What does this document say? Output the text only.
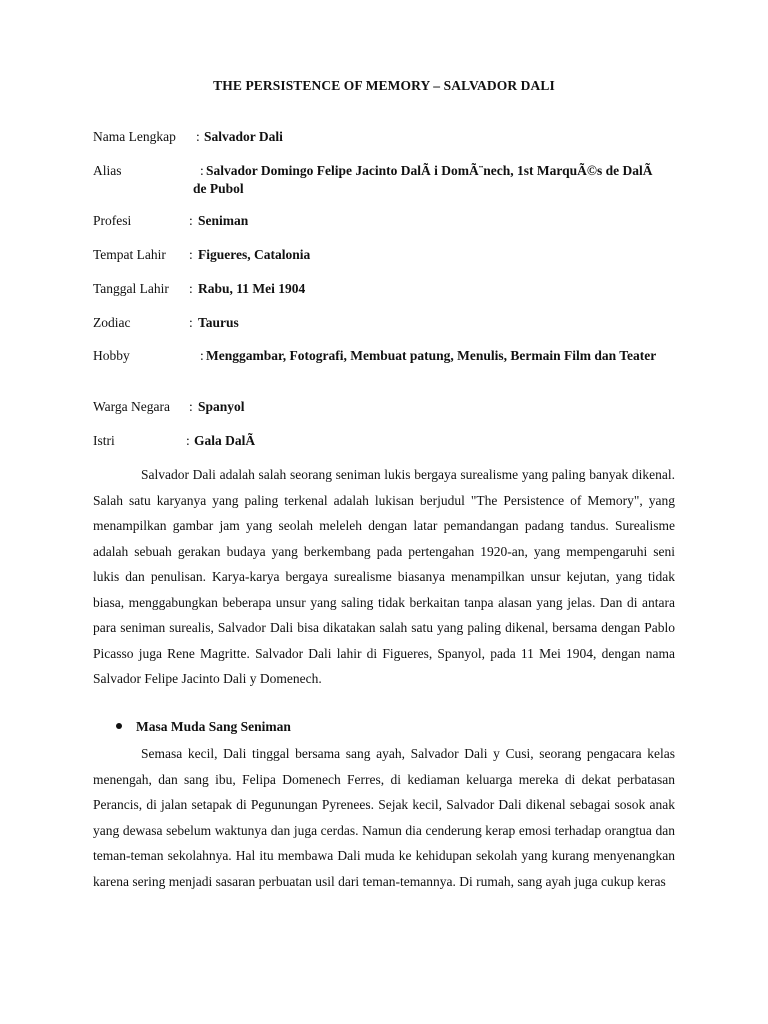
THE PERSISTENCE OF MEMORY – SALVADOR DALI
Nama Lengkap : Salvador Dali
Alias	: Salvador Domingo Felipe Jacinto DalÃ i DomÃ¨nech, 1st MarquÃ©s de DalÃ de Pubol
Profesi	: Seniman
Tempat Lahir : Figueres, Catalonia
Tanggal Lahir : Rabu, 11 Mei 1904
Zodiac	: Taurus
Hobby	: Menggambar, Fotografi, Membuat patung, Menulis, Bermain Film dan Teater
Warga Negara : Spanyol
Istri	: Gala DalÃ

Salvador Dali adalah salah seorang seniman lukis bergaya surealisme yang paling banyak dikenal. Salah satu karyanya yang paling terkenal adalah lukisan berjudul "The Persistence of Memory", yang menampilkan gambar jam yang seolah meleleh dengan latar pemandangan padang tandus. Surealisme adalah sebuah gerakan budaya yang berkembang pada pertengahan 1920-an, yang mempengaruhi seni lukis dan penulisan. Karya-karya bergaya surealisme biasanya menampilkan unsur kejutan, yang tidak biasa, menggabungkan beberapa unsur yang saling tidak berkaitan tanpa alasan yang jelas. Dan di antara para seniman surealis, Salvador Dali bisa dikatakan salah satu yang paling dikenal, bersama dengan Pablo Picasso juga Rene Magritte. Salvador Dali lahir di Figueres, Spanyol, pada 11 Mei 1904, dengan nama Salvador Felipe Jacinto Dali y Domenech.

Masa Muda Sang Seniman

Semasa kecil, Dali tinggal bersama sang ayah, Salvador Dali y Cusi, seorang pengacara kelas menengah, dan sang ibu, Felipa Domenech Ferres, di kediaman keluarga mereka di dekat perbatasan Perancis, di jalan setapak di Pegunungan Pyrenees. Sejak kecil, Salvador Dali dikenal sebagai sosok anak yang dewasa sebelum waktunya dan juga cerdas. Namun dia cenderung kerap emosi terhadap orangtua dan teman-teman sekolahnya. Hal itu membawa Dali muda ke kehidupan sekolah yang kurang menyenangkan karena sering menjadi sasaran perbuatan usil dari teman-temannya. Di rumah, sang ayah juga cukup keras
